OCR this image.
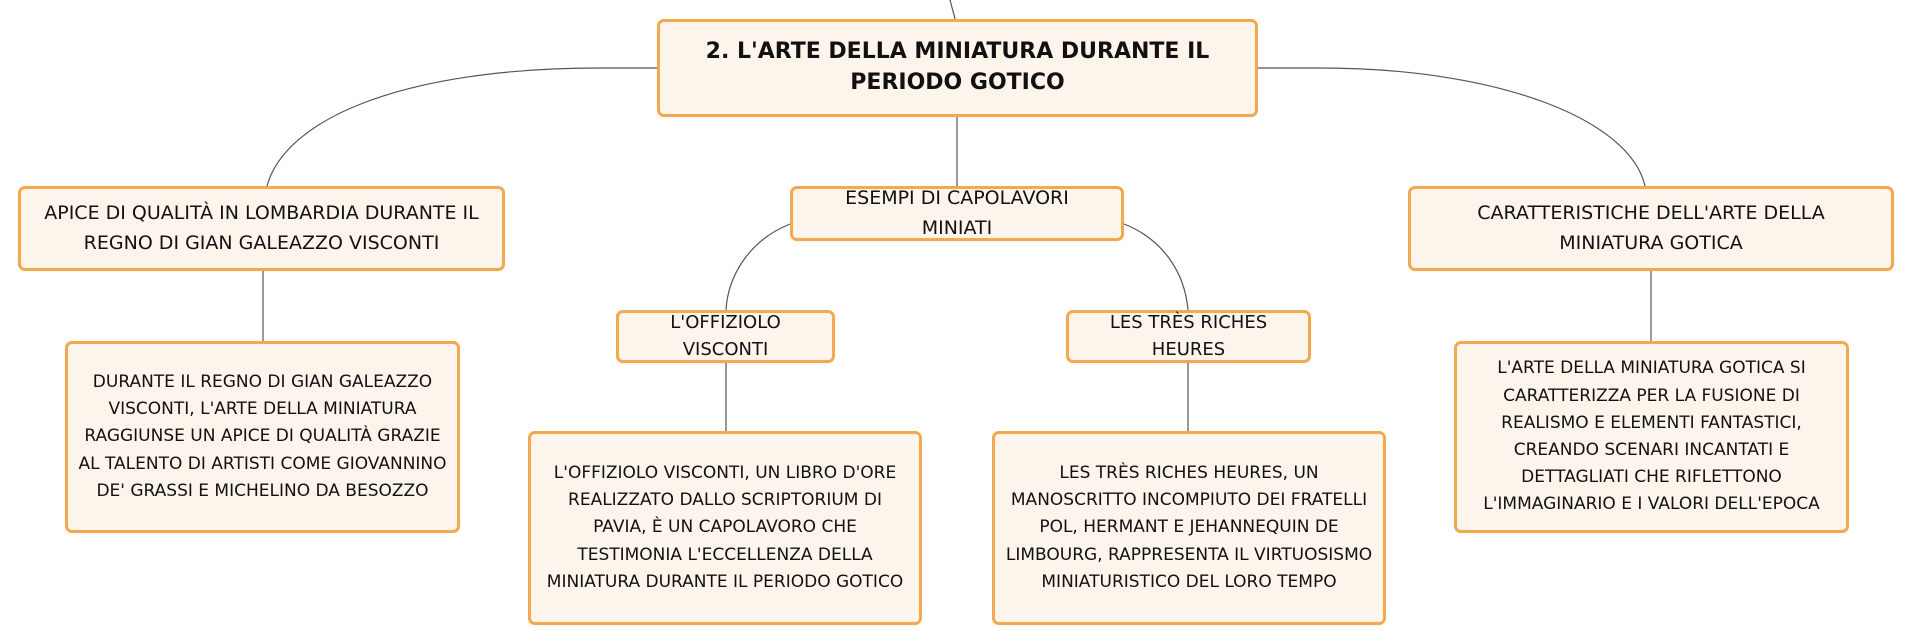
2. L'ARTE DELLA MINIATURA DURANTE IL PERIODO GOTICO
APICE DI QUALITÀ IN LOMBARDIA DURANTE IL REGNO DI GIAN GALEAZZO VISCONTI
ESEMPI DI CAPOLAVORI MINIATI
CARATTERISTICHE DELL'ARTE DELLA MINIATURA GOTICA
L'OFFIZIOLO VISCONTI
LES TRÈS RICHES HEURES
DURANTE IL REGNO DI GIAN GALEAZZO VISCONTI, L'ARTE DELLA MINIATURA RAGGIUNSE UN APICE DI QUALITÀ GRAZIE AL TALENTO DI ARTISTI COME GIOVANNINO DE' GRASSI E MICHELINO DA BESOZZO
L'OFFIZIOLO VISCONTI, UN LIBRO D'ORE REALIZZATO DALLO SCRIPTORIUM DI PAVIA, È UN CAPOLAVORO CHE TESTIMONIA L'ECCELLENZA DELLA MINIATURA DURANTE IL PERIODO GOTICO
LES TRÈS RICHES HEURES, UN MANOSCRITTO INCOMPIUTO DEI FRATELLI POL, HERMANT E JEHANNEQUIN DE LIMBOURG, RAPPRESENTA IL VIRTUOSISMO MINIATURISTICO DEL LORO TEMPO
L'ARTE DELLA MINIATURA GOTICA SI CARATTERIZZA PER LA FUSIONE DI REALISMO E ELEMENTI FANTASTICI, CREANDO SCENARI INCANTATI E DETTAGLIATI CHE RIFLETTONO L'IMMAGINARIO E I VALORI DELL'EPOCA
